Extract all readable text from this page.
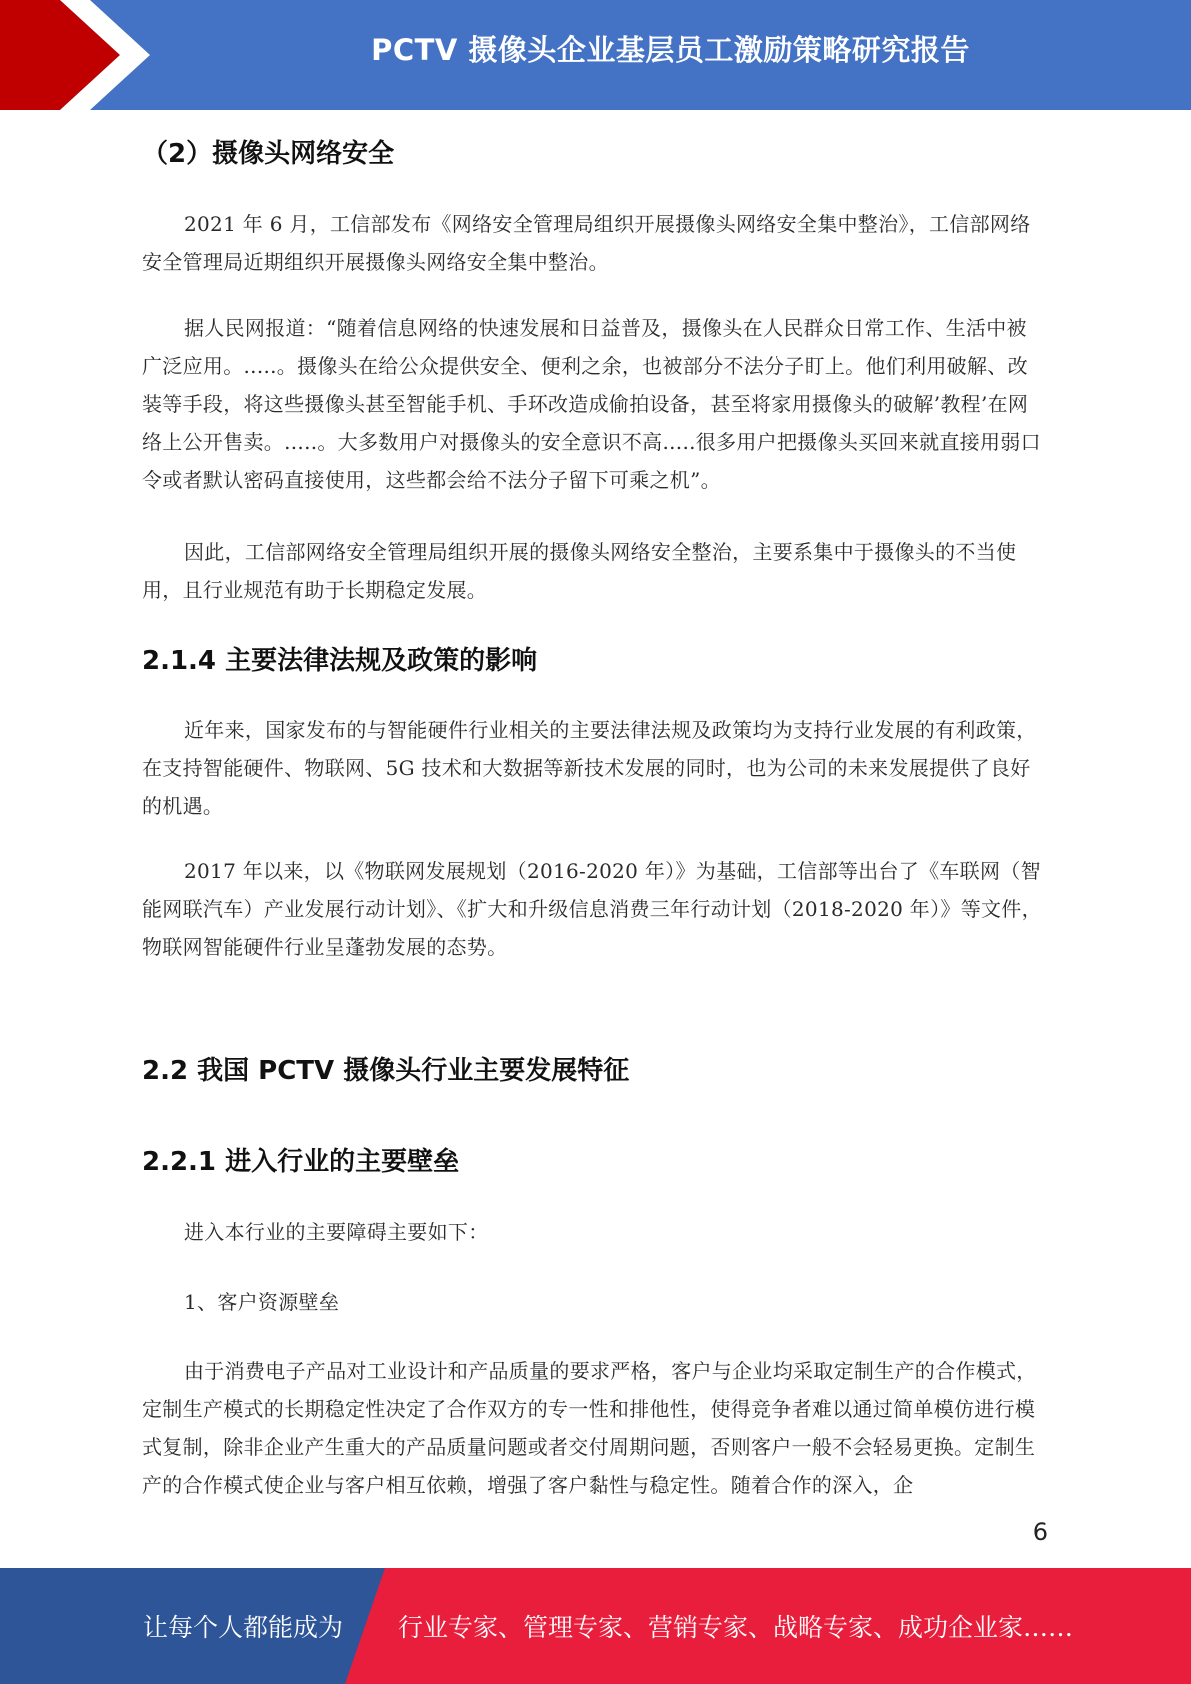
PCTV 摄像头企业基层员工激励策略研究报告
（2）摄像头网络安全

2021 年 6 月，工信部发布《网络安全管理局组织开展摄像头网络安全集中整治》，工信部网络安全管理局近期组织开展摄像头网络安全集中整治。

据人民网报道：“随着信息网络的快速发展和日益普及，摄像头在人民群众日常工作、生活中被广泛应用。.....。摄像头在给公众提供安全、便利之余，也被部分不法分子盯上。他们利用破解、改装等手段，将这些摄像头甚至智能手机、手环改造成偷拍设备，甚至将家用摄像头的破解’教程’在网络上公开售卖。.....。大多数用户对摄像头的安全意识不高.....很多用户把摄像头买回来就直接用弱口令或者默认密码直接使用，这些都会给不法分子留下可乘之机”。

因此，工信部网络安全管理局组织开展的摄像头网络安全整治，主要系集中于摄像头的不当使用，且行业规范有助于长期稳定发展。

2.1.4 主要法律法规及政策的影响

近年来，国家发布的与智能硬件行业相关的主要法律法规及政策均为支持行业发展的有利政策，在支持智能硬件、物联网、5G 技术和大数据等新技术发展的同时，也为公司的未来发展提供了良好的机遇。

2017 年以来，以《物联网发展规划（2016-2020 年）》为基础，工信部等出台了《车联网（智能网联汽车）产业发展行动计划》、《扩大和升级信息消费三年行动计划（2018-2020 年）》等文件，物联网智能硬件行业呈蓬勃发展的态势。

2.2 我国 PCTV 摄像头行业主要发展特征
2.2.1 进入行业的主要壁垒

进入本行业的主要障碍主要如下：

1、客户资源壁垒

由于消费电子产品对工业设计和产品质量的要求严格，客户与企业均采取定制生产的合作模式，定制生产模式的长期稳定性决定了合作双方的专一性和排他性，使得竞争者难以通过简单模仿进行模式复制，除非企业产生重大的产品质量问题或者交付周期问题，否则客户一般不会轻易更换。定制生产的合作模式使企业与客户相互依赖，增强了客户黏性与稳定性。随着合作的深入，企

6
让每个人都能成为 行业专家、管理专家、营销专家、战略专家、成功企业家……
